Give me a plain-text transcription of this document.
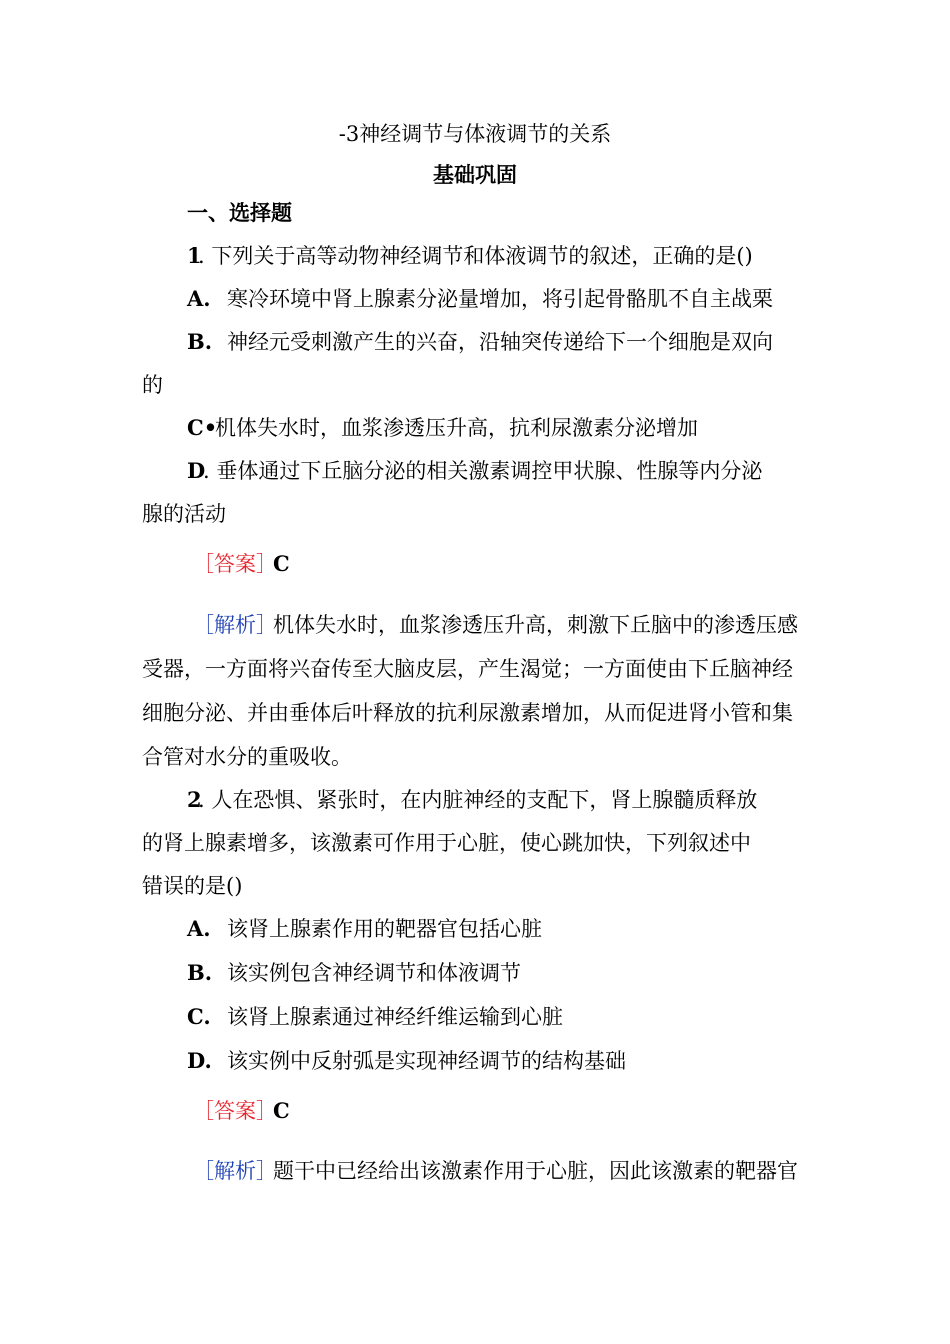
-3神经调节与体液调节的关系
基础巩固
一、选择题
1
. 下列关于高等动物神经调节和体液调节的叙述，正确的是()
A. 寒冷环境中肾上腺素分泌量增加，将引起骨骼肌不自主战栗
B. 神经元受刺激产生的兴奋，沿轴突传递给下一个细胞是双向
的
C•
机体失水时，血浆渗透压升高，抗利尿激素分泌增加
D
. 垂体通过下丘脑分泌的相关激素调控甲状腺、性腺等内分泌
腺的活动
［答案］
C
［解析］
机体失水时，血浆渗透压升高，刺激下丘脑中的渗透压感
受器，一方面将兴奋传至大脑皮层，产生渴觉；一方面使由下丘脑神经
细胞分泌、并由垂体后叶释放的抗利尿激素增加，从而促进肾小管和集
合管对水分的重吸收。
2
. 人在恐惧、紧张时，在内脏神经的支配下，肾上腺髓质释放
的肾上腺素增多，该激素可作用于心脏，使心跳加快，下列叙述中
错误的是()
A. 该肾上腺素作用的靶器官包括心脏
B. 该实例包含神经调节和体液调节
C. 该肾上腺素通过神经纤维运输到心脏
D. 该实例中反射弧是实现神经调节的结构基础
［答案］
C
［解析］
题干中已经给出该激素作用于心脏，因此该激素的靶器官
